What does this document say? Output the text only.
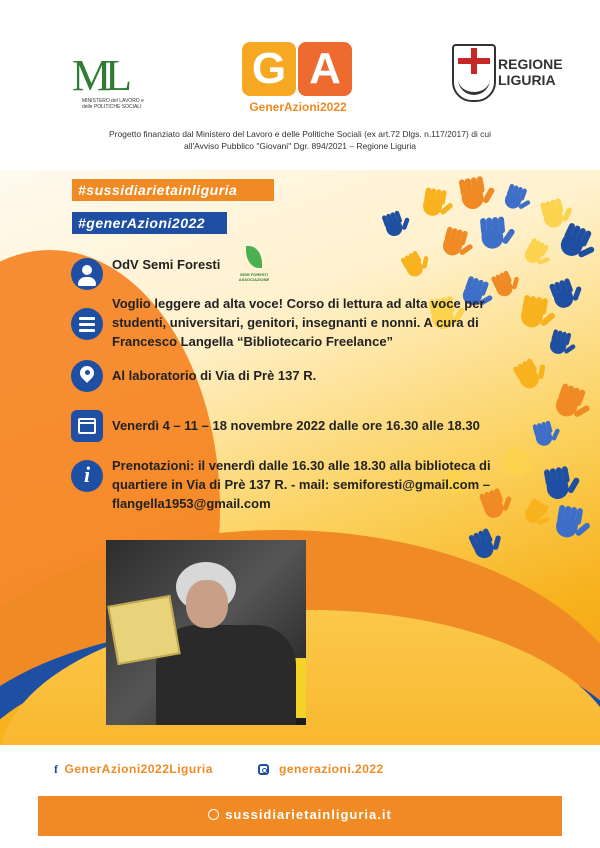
ML
MINISTERO del LAVORO e delle POLITICHE SOCIALI
G A
GenerAzioni2022
REGIONE LIGURIA
Progetto finanziato dal Ministero del Lavoro e delle Politiche Sociali (ex art.72 Dlgs. n.117/2017) di cui
all'Avviso Pubblico "Giovani" Dgr. 894/2021 – Regione Liguria
#sussidiarietainliguria
#generAzioni2022
OdV Semi Foresti
SEMI FORESTI ASSOCIAZIONE
Voglio leggere ad alta voce! Corso di lettura ad alta voce per studenti, universitari, genitori, insegnanti e nonni. A cura di Francesco Langella “Bibliotecario Freelance”
Al laboratorio di Via di Prè 137 R.
Venerdì 4 – 11 – 18 novembre 2022 dalle ore 16.30 alle 18.30
i	Prenotazioni: il venerdì dalle 16.30 alle 18.30 alla biblioteca di quartiere in Via di Prè 137 R. - mail: semiforesti@gmail.com – flangella1953@gmail.com
f GenerAzioni2022Liguria	generazioni.2022
sussidiarietainliguria.it
